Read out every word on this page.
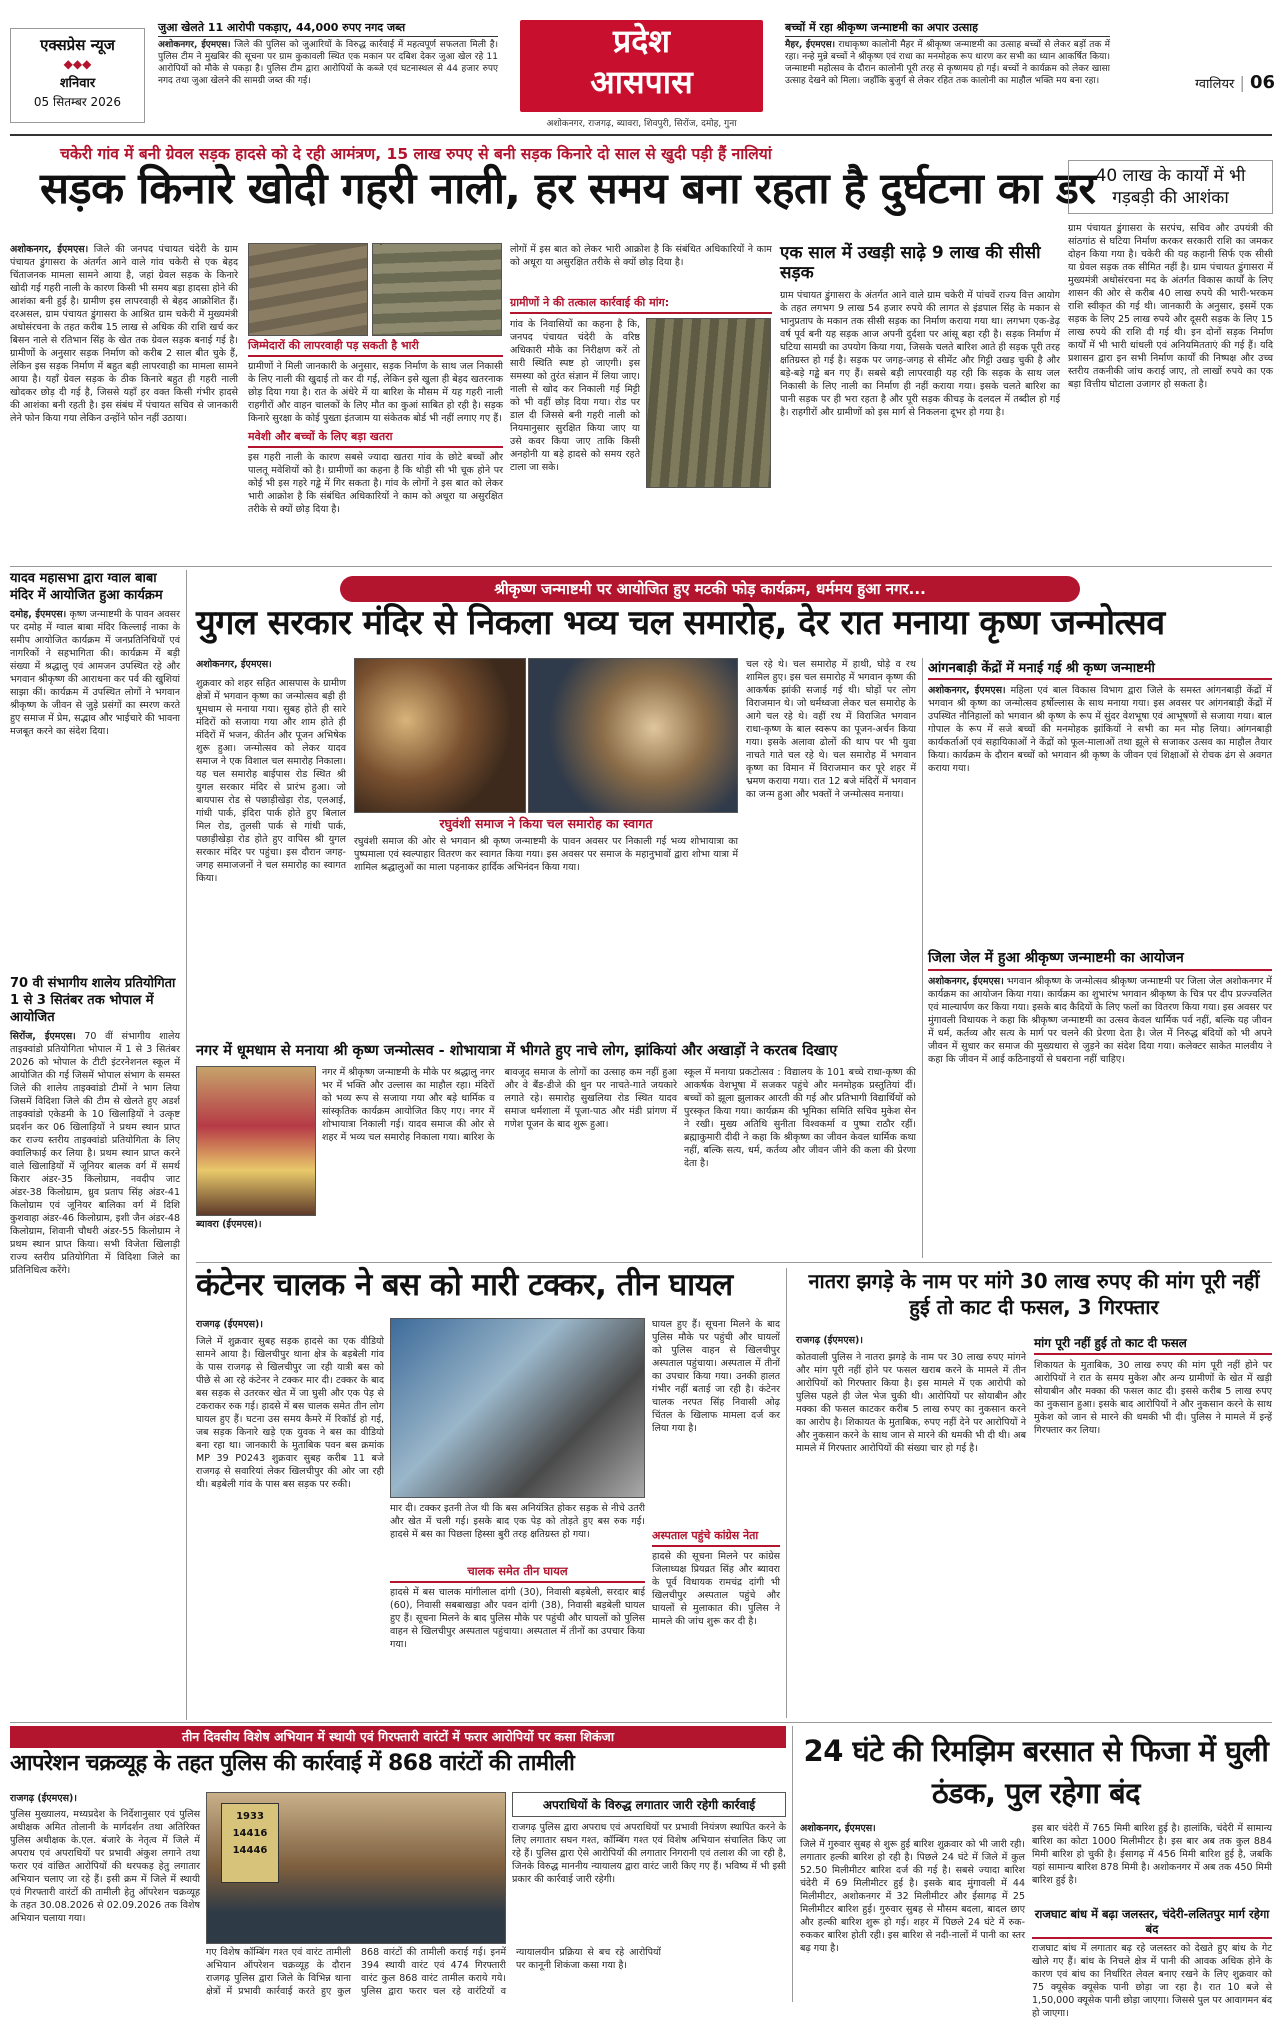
एक्सप्रेस न्यूज
◆◆◆
शनिवार
05 सितम्बर 2026
जुआ खेलते 11 आरोपी पकड़ाए, 44,000 रुपए नगद जब्त
अशोकनगर, ईएमएस। जिले की पुलिस को जुआरियों के विरुद्ध कार्रवाई में महत्वपूर्ण सफलता मिली है। पुलिस टीम ने मुखबिर की सूचना पर ग्राम कुकावली स्थित एक मकान पर दबिश देकर जुआ खेल रहे 11 आरोपियों को मौके से पकड़ा है। पुलिस टीम द्वारा आरोपियों के कब्जे एवं घटनास्थल से 44 हजार रुपए नगद तथा जुआ खेलने की सामग्री जब्त की गई।
प्रदेश
आसपास
अशोकनगर, राजगढ़, ब्यावरा, शिवपुरी, सिरोंज, दमोह, गुना
बच्चों में रहा श्रीकृष्ण जन्माष्टमी का अपार उत्साह
मैहर, ईएमएस। राधाकृष्ण कालोनी मैहर में श्रीकृष्ण जन्माष्टमी का उत्साह बच्चों से लेकर बड़ों तक में रहा। नन्हे मुन्ने बच्चों ने श्रीकृष्ण एवं राधा का मनमोहक रूप धारण कर सभी का ध्यान आकर्षित किया। जन्माष्टमी महोत्सव के दौरान कालोनी पूरी तरह से कृष्णमय हो गई। बच्चों ने कार्यक्रम को लेकर खासा उत्साह देखने को मिला। जहाँकि बुजुर्ग से लेकर रहित तक कालोनी का माहौल भक्ति मय बना रहा।	ग्वालियर | 06
चकेरी गांव में बनी ग्रेवल सड़क हादसे को दे रही आमंत्रण, 15 लाख रुपए से बनी सड़क किनारे दो साल से खुदी पड़ी हैं नालियां
सड़क किनारे खोदी गहरी नाली, हर समय बना रहता है दुर्घटना का डर
अशोकनगर, ईएमएस। जिले की जनपद पंचायत चंदेरी के ग्राम पंचायत डुंगासरा के अंतर्गत आने वाले गांव चकेरी से एक बेहद चिंताजनक मामला सामने आया है, जहां ग्रेवल सड़क के किनारे खोदी गई गहरी नाली के कारण किसी भी समय बड़ा हादसा होने की आशंका बनी हुई है। ग्रामीण इस लापरवाही से बेहद आक्रोशित हैं। दरअसल, ग्राम पंचायत डुंगासरा के आश्रित ग्राम चकेरी में मुख्यमंत्री अधोसंरचना के तहत करीब 15 लाख से अधिक की राशि खर्च कर बिसन नाले से रतिभान सिंह के खेत तक ग्रेवल सड़क बनाई गई है। ग्रामीणों के अनुसार सड़क निर्माण को करीब 2 साल बीत चुके हैं, लेकिन इस सड़क निर्माण में बहुत बड़ी लापरवाही का मामला सामने आया है। यहाँ ग्रेवल सड़क के ठीक किनारे बहुत ही गहरी नाली खोदकर छोड़ दी गई है, जिससे यहाँ हर वक्त किसी गंभीर हादसे की आशंका बनी रहती है। इस संबंध में पंचायत सचिव से जानकारी लेने फोन किया गया लेकिन उन्होंने फोन नहीं उठाया।
जिम्मेदारों की लापरवाही पड़ सकती है भारी
ग्रामीणों ने मिली जानकारी के अनुसार, सड़क निर्माण के साथ जल निकासी के लिए नाली की खुदाई तो कर दी गई, लेकिन इसे खुला ही बेहद खतरनाक छोड़ दिया गया है। रात के अंधेरे में या बारिश के मौसम में यह गहरी नाली राहगीरों और वाहन चालकों के लिए मौत का कुआं साबित हो रही है। सड़क किनारे सुरक्षा के कोई पुख्ता इंतजाम या संकेतक बोर्ड भी नहीं लगाए गए हैं।
मवेशी और बच्चों के लिए बड़ा खतरा
इस गहरी नाली के कारण सबसे ज्यादा खतरा गांव के छोटे बच्चों और पालतू मवेशियों को है। ग्रामीणों का कहना है कि थोड़ी सी भी चूक होने पर कोई भी इस गहरे गड्ढे में गिर सकता है। गांव के लोगों ने इस बात को लेकर भारी आक्रोश है कि संबंधित अधिकारियों ने काम को अधूरा या असुरक्षित तरीके से क्यों छोड़ दिया है।
लोगों में इस बात को लेकर भारी आक्रोश है कि संबंधित अधिकारियों ने काम को अधूरा या असुरक्षित तरीके से क्यों छोड़ दिया है।
ग्रामीणों ने की तत्काल कार्रवाई की मांग:
गांव के निवासियों का कहना है कि, जनपद पंचायत चंदेरी के वरिष्ठ अधिकारी मौके का निरीक्षण करें तो सारी स्थिति स्पष्ट हो जाएगी। इस समस्या को तुरंत संज्ञान में लिया जाए। नाली से खोद कर निकाली गई मिट्टी को भी वहीं छोड़ दिया गया। रोड पर डाल दी जिससे बनी गहरी नाली को नियमानुसार सुरक्षित किया जाए या उसे कवर किया जाए ताकि किसी अनहोनी या बड़े हादसे को समय रहते टाला जा सके।
एक साल में उखड़ी साढ़े 9 लाख की सीसी सड़क
ग्राम पंचायत डुंगासरा के अंतर्गत आने वाले ग्राम चकेरी में पांचवें राज्य वित्त आयोग के तहत लगभग 9 लाख 54 हजार रुपये की लागत से इंडपाल सिंह के मकान से भानुप्रताप के मकान तक सीसी सड़क का निर्माण कराया गया था। लगभग एक-डेढ़ वर्ष पूर्व बनी यह सड़क आज अपनी दुर्दशा पर आंसू बहा रही है। सड़क निर्माण में घटिया सामग्री का उपयोग किया गया, जिसके चलते बारिश आते ही सड़क पूरी तरह क्षतिग्रस्त हो गई है। सड़क पर जगह-जगह से सीमेंट और गिट्टी उखड़ चुकी है और बड़े-बड़े गड्ढे बन गए हैं। सबसे बड़ी लापरवाही यह रही कि सड़क के साथ जल निकासी के लिए नाली का निर्माण ही नहीं कराया गया। इसके चलते बारिश का पानी सड़क पर ही भरा रहता है और पूरी सड़क कीचड़ के दलदल में तब्दील हो गई है। राहगीरों और ग्रामीणों को इस मार्ग से निकलना दूभर हो गया है।
40 लाख के कार्यों में भी गड़बड़ी की आशंका
ग्राम पंचायत डुंगासरा के सरपंच, सचिव और उपयंत्री की सांठगांठ से घटिया निर्माण करकर सरकारी राशि का जमकर दोहन किया गया है। चकेरी की यह कहानी सिर्फ एक सीसी या ग्रेवल सड़क तक सीमित नहीं है। ग्राम पंचायत डुंगासरा में मुख्यमंत्री अधोसंरचना मद के अंतर्गत विकास कार्यों के लिए शासन की ओर से करीब 40 लाख रुपये की भारी-भरकम राशि स्वीकृत की गई थी। जानकारी के अनुसार, इसमें एक सड़क के लिए 25 लाख रुपये और दूसरी सड़क के लिए 15 लाख रुपये की राशि दी गई थी। इन दोनों सड़क निर्माण कार्यों में भी भारी धांधली एवं अनियमितताएं की गई हैं। यदि प्रशासन द्वारा इन सभी निर्माण कार्यों की निष्पक्ष और उच्च स्तरीय तकनीकी जांच कराई जाए, तो लाखों रुपये का एक बड़ा वित्तीय घोटाला उजागर हो सकता है।
यादव महासभा द्वारा ग्वाल बाबा मंदिर में आयोजित हुआ कार्यक्रम
दमोह, ईएमएस। कृष्ण जन्माष्टमी के पावन अवसर पर दमोह में ग्वाल बाबा मंदिर किल्लाई नाका के समीप आयोजित कार्यक्रम में जनप्रतिनिधियों एवं नागरिकों ने सहभागिता की। कार्यक्रम में बड़ी संख्या में श्रद्धालु एवं आमजन उपस्थित रहे और भगवान श्रीकृष्ण की आराधना कर पर्व की खुशियां साझा कीं। कार्यक्रम में उपस्थित लोगों ने भगवान श्रीकृष्ण के जीवन से जुड़े प्रसंगों का स्मरण करते हुए समाज में प्रेम, सद्भाव और भाईचारे की भावना मजबूत करने का संदेश दिया।
70 वी संभागीय शालेय प्रतियोगिता 1 से 3 सितंबर तक भोपाल में आयोजित
सिरोंज, ईएमएस। 70 वीं संभागीय शालेय ताइक्वांडो प्रतियोगिता भोपाल में 1 से 3 सितंबर 2026 को भोपाल के टीटी इंटरनेशनल स्कूल में आयोजित की गई जिसमें भोपाल संभाग के समस्त जिले की शालेय ताइक्वांडो टीमों ने भाग लिया जिसमें विदिशा जिले की टीम से खेलते हुए अडर्श ताइक्वांडो एकेडमी के 10 खिलाड़ियों ने उत्कृष्ट प्रदर्शन कर 06 खिलाड़ियों ने प्रथम स्थान प्राप्त कर राज्य स्तरीय ताइक्वांडो प्रतियोगिता के लिए क्वालिफाई कर लिया है। प्रथम स्थान प्राप्त करने वाले खिलाड़ियों में जूनियर बालक वर्ग में समर्थ किरार अंडर-35 किलोग्राम, नवदीप जाट अंडर-38 किलोग्राम, ध्रुव प्रताप सिंह अंडर-41 किलोग्राम एवं जूनियर बालिका वर्ग में दिशि कुशवाहा अंडर-46 किलोग्राम, इशी जैन अंडर-48 किलोग्राम, शिवानी चौधरी अंडर-55 किलोग्राम ने प्रथम स्थान प्राप्त किया। सभी विजेता खिलाड़ी राज्य स्तरीय प्रतियोगिता में विदिशा जिले का प्रतिनिधित्व करेंगे।
श्रीकृष्ण जन्माष्टमी पर आयोजित हुए मटकी फोड़ कार्यक्रम, धर्ममय हुआ नगर...
युगल सरकार मंदिर से निकला भव्य चल समारोह, देर रात मनाया कृष्ण जन्मोत्सव
अशोकनगर, ईएमएस।
शुक्रवार को शहर सहित आसपास के ग्रामीण क्षेत्रों में भगवान कृष्ण का जन्मोत्सव बड़ी ही धूमधाम से मनाया गया। सुबह होते ही सारे मंदिरों को सजाया गया और शाम होते ही मंदिरों में भजन, कीर्तन और पूजन अभिषेक शुरू हुआ। जन्मोत्सव को लेकर यादव समाज ने एक विशाल चल समारोह निकाला। यह चल समारोह बाईपास रोड स्थित श्री युगल सरकार मंदिर से प्रारंभ हुआ। जो बायपास रोड से पछाड़ीखेड़ा रोड, एलआई, गांधी पार्क, इंदिरा पार्क होते हुए बिलाल मिल रोड, तुलसी पार्क से गांधी पार्क, पछाड़ीखेड़ा रोड होते हुए वापिस श्री युगल सरकार मंदिर पर पहुंचा। इस दौरान जगह-जगह समाजजनों ने चल समारोह का स्वागत किया।
रघुवंशी समाज ने किया चल समारोह का स्वागत
रघुवंशी समाज की ओर से भगवान श्री कृष्ण जन्माष्टमी के पावन अवसर पर निकाली गई भव्य शोभायात्रा का पुष्पमाला एवं स्वल्पाहार वितरण कर स्वागत किया गया। इस अवसर पर समाज के महानुभावों द्वारा शोभा यात्रा में शामिल श्रद्धालुओं का माला पहनाकर हार्दिक अभिनंदन किया गया।
चल रहे थे। चल समारोह में हाथी, घोड़े व रथ शामिल हुए। इस चल समारोह में भगवान कृष्ण की आकर्षक झांकी सजाई गई थी। घोड़ों पर लोग विराजमान थे। जो धर्मध्वजा लेकर चल समारोह के आगे चल रहे थे। वहीं रथ में विराजित भगवान राधा-कृष्ण के बाल स्वरूप का पूजन-अर्चन किया गया। इसके अलावा ढोलों की थाप पर भी युवा नाचते गाते चल रहे थे। चल समारोह में भगवान कृष्ण का विमान में विराजमान कर पूरे शहर में भ्रमण कराया गया। रात 12 बजे मंदिरों में भगवान का जन्म हुआ और भक्तों ने जन्मोत्सव मनाया।
आंगनबाड़ी केंद्रों में मनाई गई श्री कृष्ण जन्माष्टमी
अशोकनगर, ईएमएस। महिला एवं बाल विकास विभाग द्वारा जिले के समस्त आंगनबाड़ी केंद्रों में भगवान श्री कृष्ण का जन्मोत्सव हर्षोल्लास के साथ मनाया गया। इस अवसर पर आंगनबाड़ी केंद्रों में उपस्थित नौनिहालों को भगवान श्री कृष्ण के रूप में सुंदर वेशभूषा एवं आभूषणों से सजाया गया। बाल गोपाल के रूप में सजे बच्चों की मनमोहक झांकियों ने सभी का मन मोह लिया। आंगनबाड़ी कार्यकर्ताओं एवं सहायिकाओं ने केंद्रों को फूल-मालाओं तथा झूले से सजाकर उत्सव का माहौल तैयार किया। कार्यक्रम के दौरान बच्चों को भगवान श्री कृष्ण के जीवन एवं शिक्षाओं से रोचक ढंग से अवगत कराया गया।
जिला जेल में हुआ श्रीकृष्ण जन्माष्टमी का आयोजन
अशोकनगर, ईएमएस। भगवान श्रीकृष्ण के जन्मोत्सव श्रीकृष्ण जन्माष्टमी पर जिला जेल अशोकनगर में कार्यक्रम का आयोजन किया गया। कार्यक्रम का शुभारंभ भगवान श्रीकृष्ण के चित्र पर दीप प्रज्ज्वलित एवं माल्यार्पण कर किया गया। इसके बाद कैदियों के लिए फलों का वितरण किया गया। इस अवसर पर मुंगावली विधायक ने कहा कि श्रीकृष्ण जन्माष्टमी का उत्सव केवल धार्मिक पर्व नहीं, बल्कि यह जीवन में धर्म, कर्तव्य और सत्य के मार्ग पर चलने की प्रेरणा देता है। जेल में निरुद्ध बंदियों को भी अपने जीवन में सुधार कर समाज की मुख्यधारा से जुड़ने का संदेश दिया गया। कलेक्टर साकेत मालवीय ने कहा कि जीवन में आई कठिनाइयों से घबराना नहीं चाहिए।
नगर में धूमधाम से मनाया श्री कृष्ण जन्मोत्सव - शोभायात्रा में भीगते हुए नाचे लोग, झांकियां और अखाड़ों ने करतब दिखाए
ब्यावरा (ईएमएस)।
नगर में श्रीकृष्ण जन्माष्टमी के मौके पर श्रद्धालु नगर भर में भक्ति और उल्लास का माहौल रहा। मंदिरों को भव्य रूप से सजाया गया और बड़े धार्मिक व सांस्कृतिक कार्यक्रम आयोजित किए गए। नगर में शोभायात्रा निकाली गई। यादव समाज की ओर से शहर में भव्य चल समारोह निकाला गया। बारिश के बावजूद समाज के लोगों का उत्साह कम नहीं हुआ और वे बैंड-डीजे की धुन पर नाचते-गाते जयकारे लगाते रहे। समारोह सुखलिया रोड स्थित यादव समाज धर्मशाला में पूजा-पाठ और मंडी प्रांगण में गणेश पूजन के बाद शुरू हुआ।
स्कूल में मनाया प्रकटोत्सव : विद्यालय के 101 बच्चे राधा-कृष्ण की आकर्षक वेशभूषा में सजकर पहुंचे और मनमोहक प्रस्तुतियां दीं। बच्चों को झूला झुलाकर आरती की गई और प्रतिभागी विद्यार्थियों को पुरस्कृत किया गया। कार्यक्रम की भूमिका समिति सचिव मुकेश सेन ने रखी। मुख्य अतिथि सुनीता विश्वकर्मा व पुष्पा राठौर रहीं। ब्रह्माकुमारी दीदी ने कहा कि श्रीकृष्ण का जीवन केवल धार्मिक कथा नहीं, बल्कि सत्य, धर्म, कर्तव्य और जीवन जीने की कला की प्रेरणा देता है।
कंटेनर चालक ने बस को मारी टक्कर, तीन घायल
राजगढ़ (ईएमएस)।
जिले में शुक्रवार सुबह सड़क हादसे का एक वीडियो सामने आया है। खिलचीपुर थाना क्षेत्र के बड़बेली गांव के पास राजगढ़ से खिलचीपुर जा रही यात्री बस को पीछे से आ रहे कंटेनर ने टक्कर मार दी। टक्कर के बाद बस सड़क से उतरकर खेत में जा घुसी और एक पेड़ से टकराकर रुक गई। हादसे में बस चालक समेत तीन लोग घायल हुए हैं। घटना उस समय कैमरे में रिकॉर्ड हो गई, जब सड़क किनारे खड़े एक युवक ने बस का वीडियो बना रहा था। जानकारी के मुताबिक पवन बस क्रमांक MP 39 P0243 शुक्रवार सुबह करीब 11 बजे राजगढ़ से सवारियां लेकर खिलचीपुर की ओर जा रही थी। बड़बेली गांव के पास बस सड़क पर रुकी।
मार दी। टक्कर इतनी तेज थी कि बस अनियंत्रित होकर सड़क से नीचे उतरी और खेत में चली गई। इसके बाद एक पेड़ को तोड़ते हुए बस रुक गई। हादसे में बस का पिछला हिस्सा बुरी तरह क्षतिग्रस्त हो गया।
चालक समेत तीन घायल
हादसे में बस चालक मांगीलाल दांगी (30), निवासी बड़बेली, सरदार बाई (60), निवासी सबबाखड़ा और पवन दांगी (38), निवासी बड़बेली घायल हुए हैं। सूचना मिलने के बाद पुलिस मौके पर पहुंची और घायलों को पुलिस वाहन से खिलचीपुर अस्पताल पहुंचाया। अस्पताल में तीनों का उपचार किया गया।
घायल हुए हैं। सूचना मिलने के बाद पुलिस मौके पर पहुंची और घायलों को पुलिस वाहन से खिलचीपुर अस्पताल पहुंचाया। अस्पताल में तीनों का उपचार किया गया। उनकी हालत गंभीर नहीं बताई जा रही है। कंटेनर चालक नरपत सिंह निवासी ओढ़ चिंतल के खिलाफ मामला दर्ज कर लिया गया है।
अस्पताल पहुंचे कांग्रेस नेता
हादसे की सूचना मिलने पर कांग्रेस जिलाध्यक्ष प्रियव्रत सिंह और ब्यावरा के पूर्व विधायक रामचंद्र दांगी भी खिलचीपुर अस्पताल पहुंचे और घायलों से मुलाकात की। पुलिस ने मामले की जांच शुरू कर दी है।
नातरा झगड़े के नाम पर मांगे 30 लाख रुपए की मांग पूरी नहीं हुई तो काट दी फसल, 3 गिरफ्तार
राजगढ़ (ईएमएस)।
कोतवाली पुलिस ने नातरा झगड़े के नाम पर 30 लाख रुपए मांगने और मांग पूरी नहीं होने पर फसल खराब करने के मामले में तीन आरोपियों को गिरफ्तार किया है। इस मामले में एक आरोपी को पुलिस पहले ही जेल भेज चुकी थी। आरोपियों पर सोयाबीन और मक्का की फसल काटकर करीब 5 लाख रुपए का नुकसान करने का आरोप है। शिकायत के मुताबिक, रुपए नहीं देने पर आरोपियों ने और नुकसान करने के साथ जान से मारने की धमकी भी दी थी। अब मामले में गिरफ्तार आरोपियों की संख्या चार हो गई है।
मांग पूरी नहीं हुई तो काट दी फसल
शिकायत के मुताबिक, 30 लाख रुपए की मांग पूरी नहीं होने पर आरोपियों ने रात के समय मुकेश और अन्य ग्रामीणों के खेत में खड़ी सोयाबीन और मक्का की फसल काट दी। इससे करीब 5 लाख रुपए का नुकसान हुआ। इसके बाद आरोपियों ने और नुकसान करने के साथ मुकेश को जान से मारने की धमकी भी दी। पुलिस ने मामले में इन्हें गिरफ्तार कर लिया।
तीन दिवसीय विशेष अभियान में स्थायी एवं गिरफ्तारी वारंटों में फरार आरोपियों पर कसा शिकंजा
आपरेशन चक्रव्यूह के तहत पुलिस की कार्रवाई में 868 वारंटों की तामीली
राजगढ़ (ईएमएस)।
पुलिस मुख्यालय, मध्यप्रदेश के निर्देशानुसार एवं पुलिस अधीक्षक अमित तोलानी के मार्गदर्शन तथा अतिरिक्त पुलिस अधीक्षक के.एल. बंजारे के नेतृत्व में जिले में अपराध एवं अपराधियों पर प्रभावी अंकुश लगाने तथा फरार एवं वांछित आरोपियों की धरपकड़ हेतु लगातार अभियान चलाए जा रहे हैं। इसी क्रम में जिले में स्थायी एवं गिरफ्तारी वारंटों की तामीली हेतु ऑपरेशन चक्रव्यूह के तहत 30.08.2026 से 02.09.2026 तक विशेष अभियान चलाया गया।
1933
14416
14446
गए विशेष कॉम्बिंग गश्त एवं वारंट तामीली अभियान ऑपरेशन चक्रव्यूह के दौरान राजगढ़ पुलिस द्वारा जिले के विभिन्न थाना क्षेत्रों में प्रभावी कार्रवाई करते हुए कुल 868 वारंटों की तामीली कराई गई। इनमें 394 स्थायी वारंट एवं 474 गिरफ्तारी वारंट कुल 868 वारंट तामील कराये गये। पुलिस द्वारा फरार चल रहे वारंटियों व न्यायालयीन प्रक्रिया से बच रहे आरोपियों पर कानूनी शिकंजा कसा गया है।
अपराधियों के विरुद्ध लगातार जारी रहेगी कार्रवाई
राजगढ़ पुलिस द्वारा अपराध एवं अपराधियों पर प्रभावी नियंत्रण स्थापित करने के लिए लगातार सघन गश्त, कॉम्बिंग गश्त एवं विशेष अभियान संचालित किए जा रहे हैं। पुलिस द्वारा ऐसे आरोपियों की लगातार निगरानी एवं तलाश की जा रही है, जिनके विरुद्ध माननीय न्यायालय द्वारा वारंट जारी किए गए हैं। भविष्य में भी इसी प्रकार की कार्रवाई जारी रहेगी।
24 घंटे की रिमझिम बरसात से फिजा में घुली ठंडक, पुल रहेगा बंद
अशोकनगर, ईएमएस।
जिले में गुरुवार सुबह से शुरू हुई बारिश शुक्रवार को भी जारी रही। लगातार हल्की बारिश हो रही है। पिछले 24 घंटे में जिले में कुल 52.50 मिलीमीटर बारिश दर्ज की गई है। सबसे ज्यादा बारिश चंदेरी में 69 मिलीमीटर हुई है। इसके बाद मुंगावली में 44 मिलीमीटर, अशोकनगर में 32 मिलीमीटर और ईसागढ़ में 25 मिलीमीटर बारिश हुई। गुरुवार सुबह से मौसम बदला, बादल छाए और हल्की बारिश शुरू हो गई। शहर में पिछले 24 घंटे में रुक-रुककर बारिश होती रही। इस बारिश से नदी-नालों में पानी का स्तर बढ़ गया है।
इस बार चंदेरी में 765 मिमी बारिश हुई है। हालांकि, चंदेरी में सामान्य बारिश का कोटा 1000 मिलीमीटर है। इस बार अब तक कुल 884 मिमी बारिश हो चुकी है। ईसागढ़ में 456 मिमी बारिश हुई है, जबकि यहां सामान्य बारिश 878 मिमी है। अशोकनगर में अब तक 450 मिमी बारिश हुई है।
राजघाट बांध में बढ़ा जलस्तर, चंदेरी-ललितपुर मार्ग रहेगा बंद
राजघाट बांध में लगातार बढ़ रहे जलस्तर को देखते हुए बांध के गेट खोले गए हैं। बांध के निचले क्षेत्र में पानी की आवक अधिक होने के कारण एवं बांध का निर्धारित लेवल बनाए रखने के लिए शुक्रवार को 75 क्यूसेक क्यूसेक पानी छोड़ा जा रहा है। रात 10 बजे से 1,50,000 क्यूसेक पानी छोड़ा जाएगा। जिससे पुल पर आवागमन बंद हो जाएगा।
